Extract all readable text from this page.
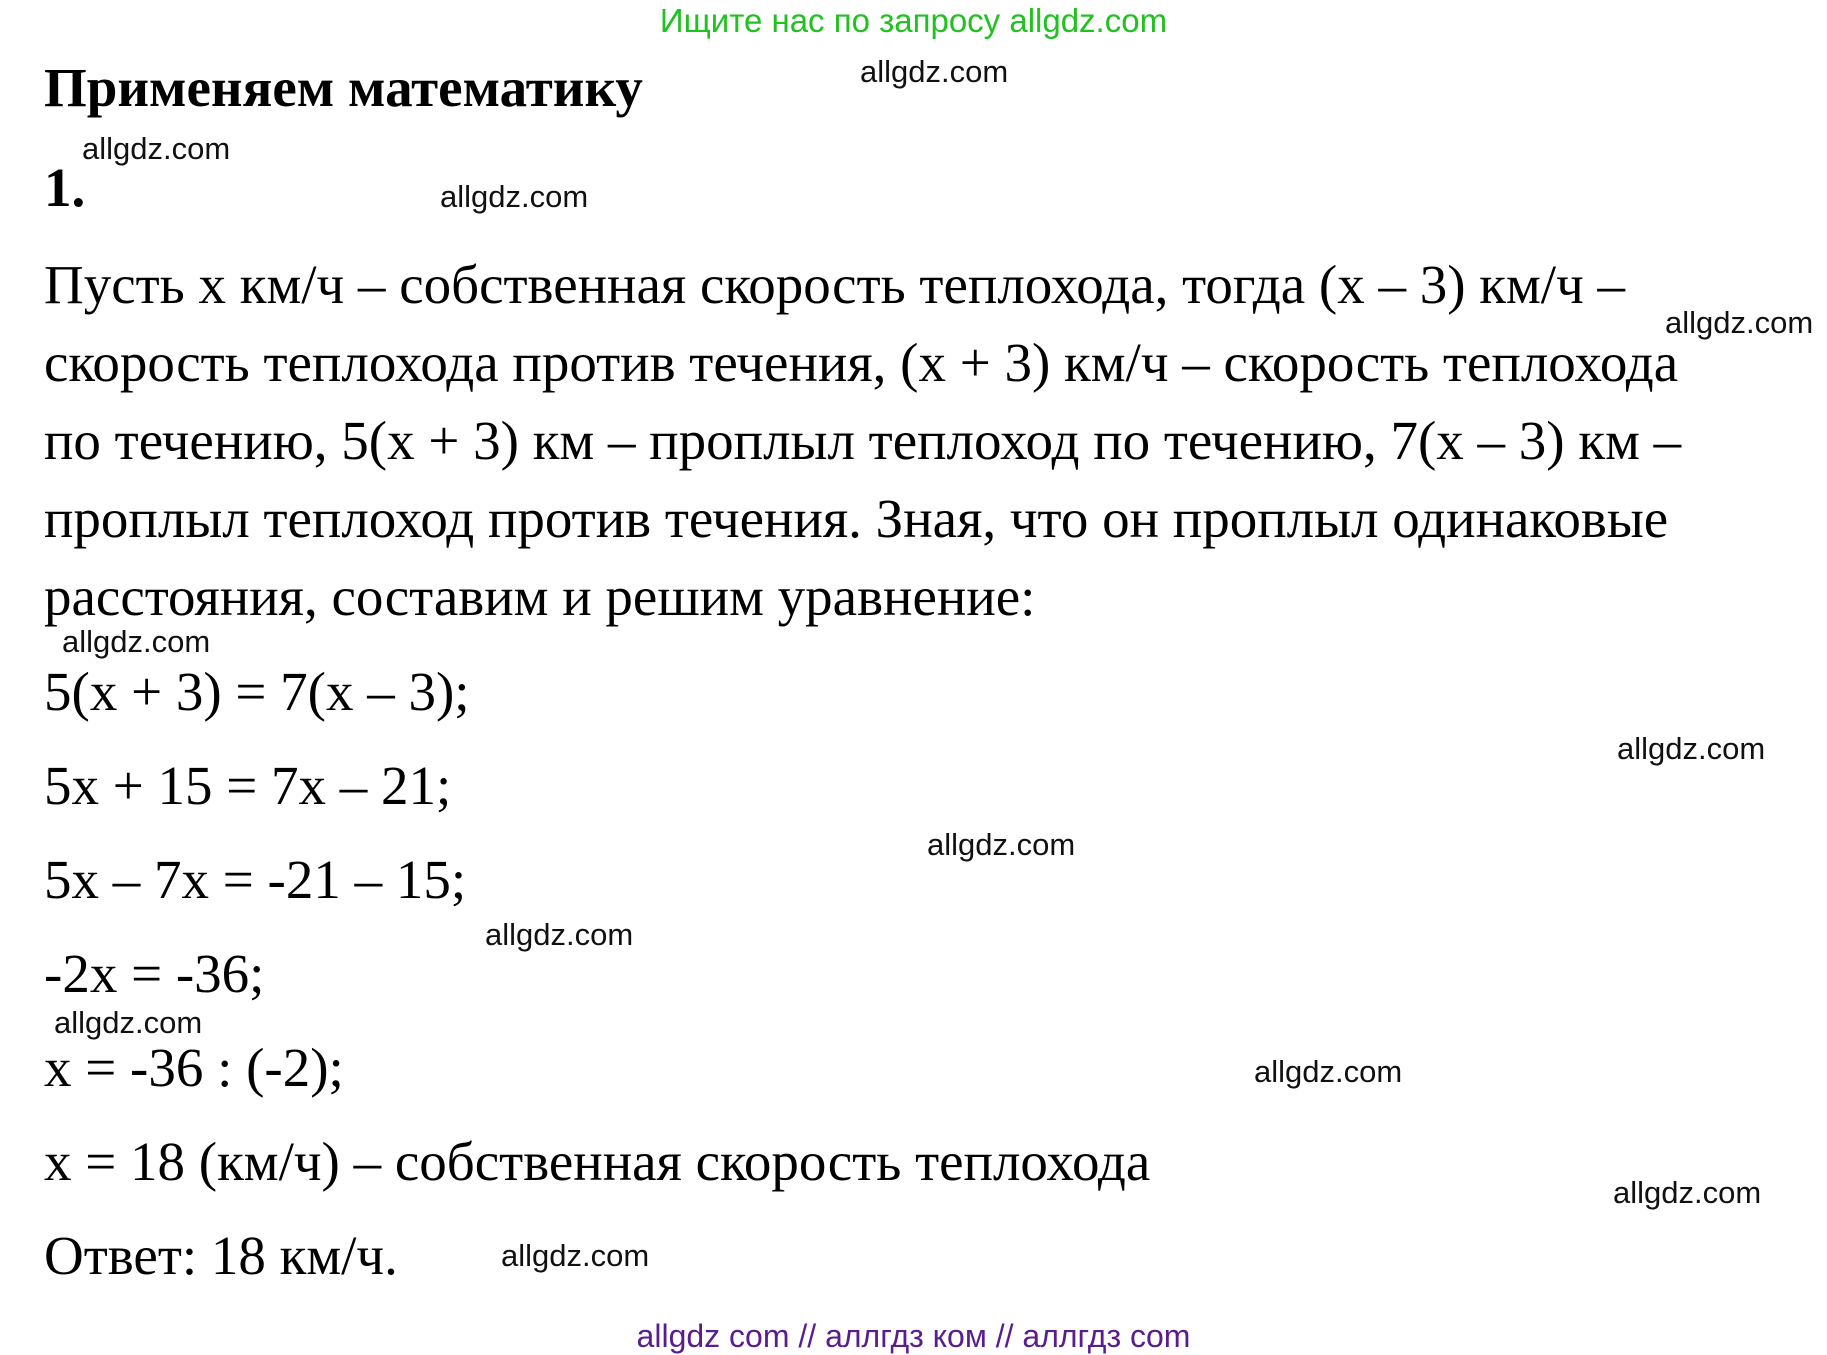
Ищите нас по запросу allgdz.com
Применяем математику
1.
Пусть х км/ч – собственная скорость теплохода, тогда (х – 3) км/ч –
скорость теплохода против течения, (х + 3) км/ч – скорость теплохода
по течению, 5(х + 3) км – проплыл теплоход по течению, 7(х – 3) км –
проплыл теплоход против течения. Зная, что он проплыл одинаковые
расстояния, составим и решим уравнение:
5(х + 3) = 7(х – 3);
5х + 15 = 7х – 21;
5х – 7х = -21 – 15;
-2х = -36;
х = -36 : (-2);
х = 18 (км/ч) – собственная скорость теплохода
Ответ: 18 км/ч.
allgdz.com
allgdz.com
allgdz.com
allgdz.com
allgdz.com
allgdz.com
allgdz.com
allgdz.com
allgdz.com
allgdz.com
allgdz.com
allgdz.com
allgdz com // аллгдз ком // аллгдз com
